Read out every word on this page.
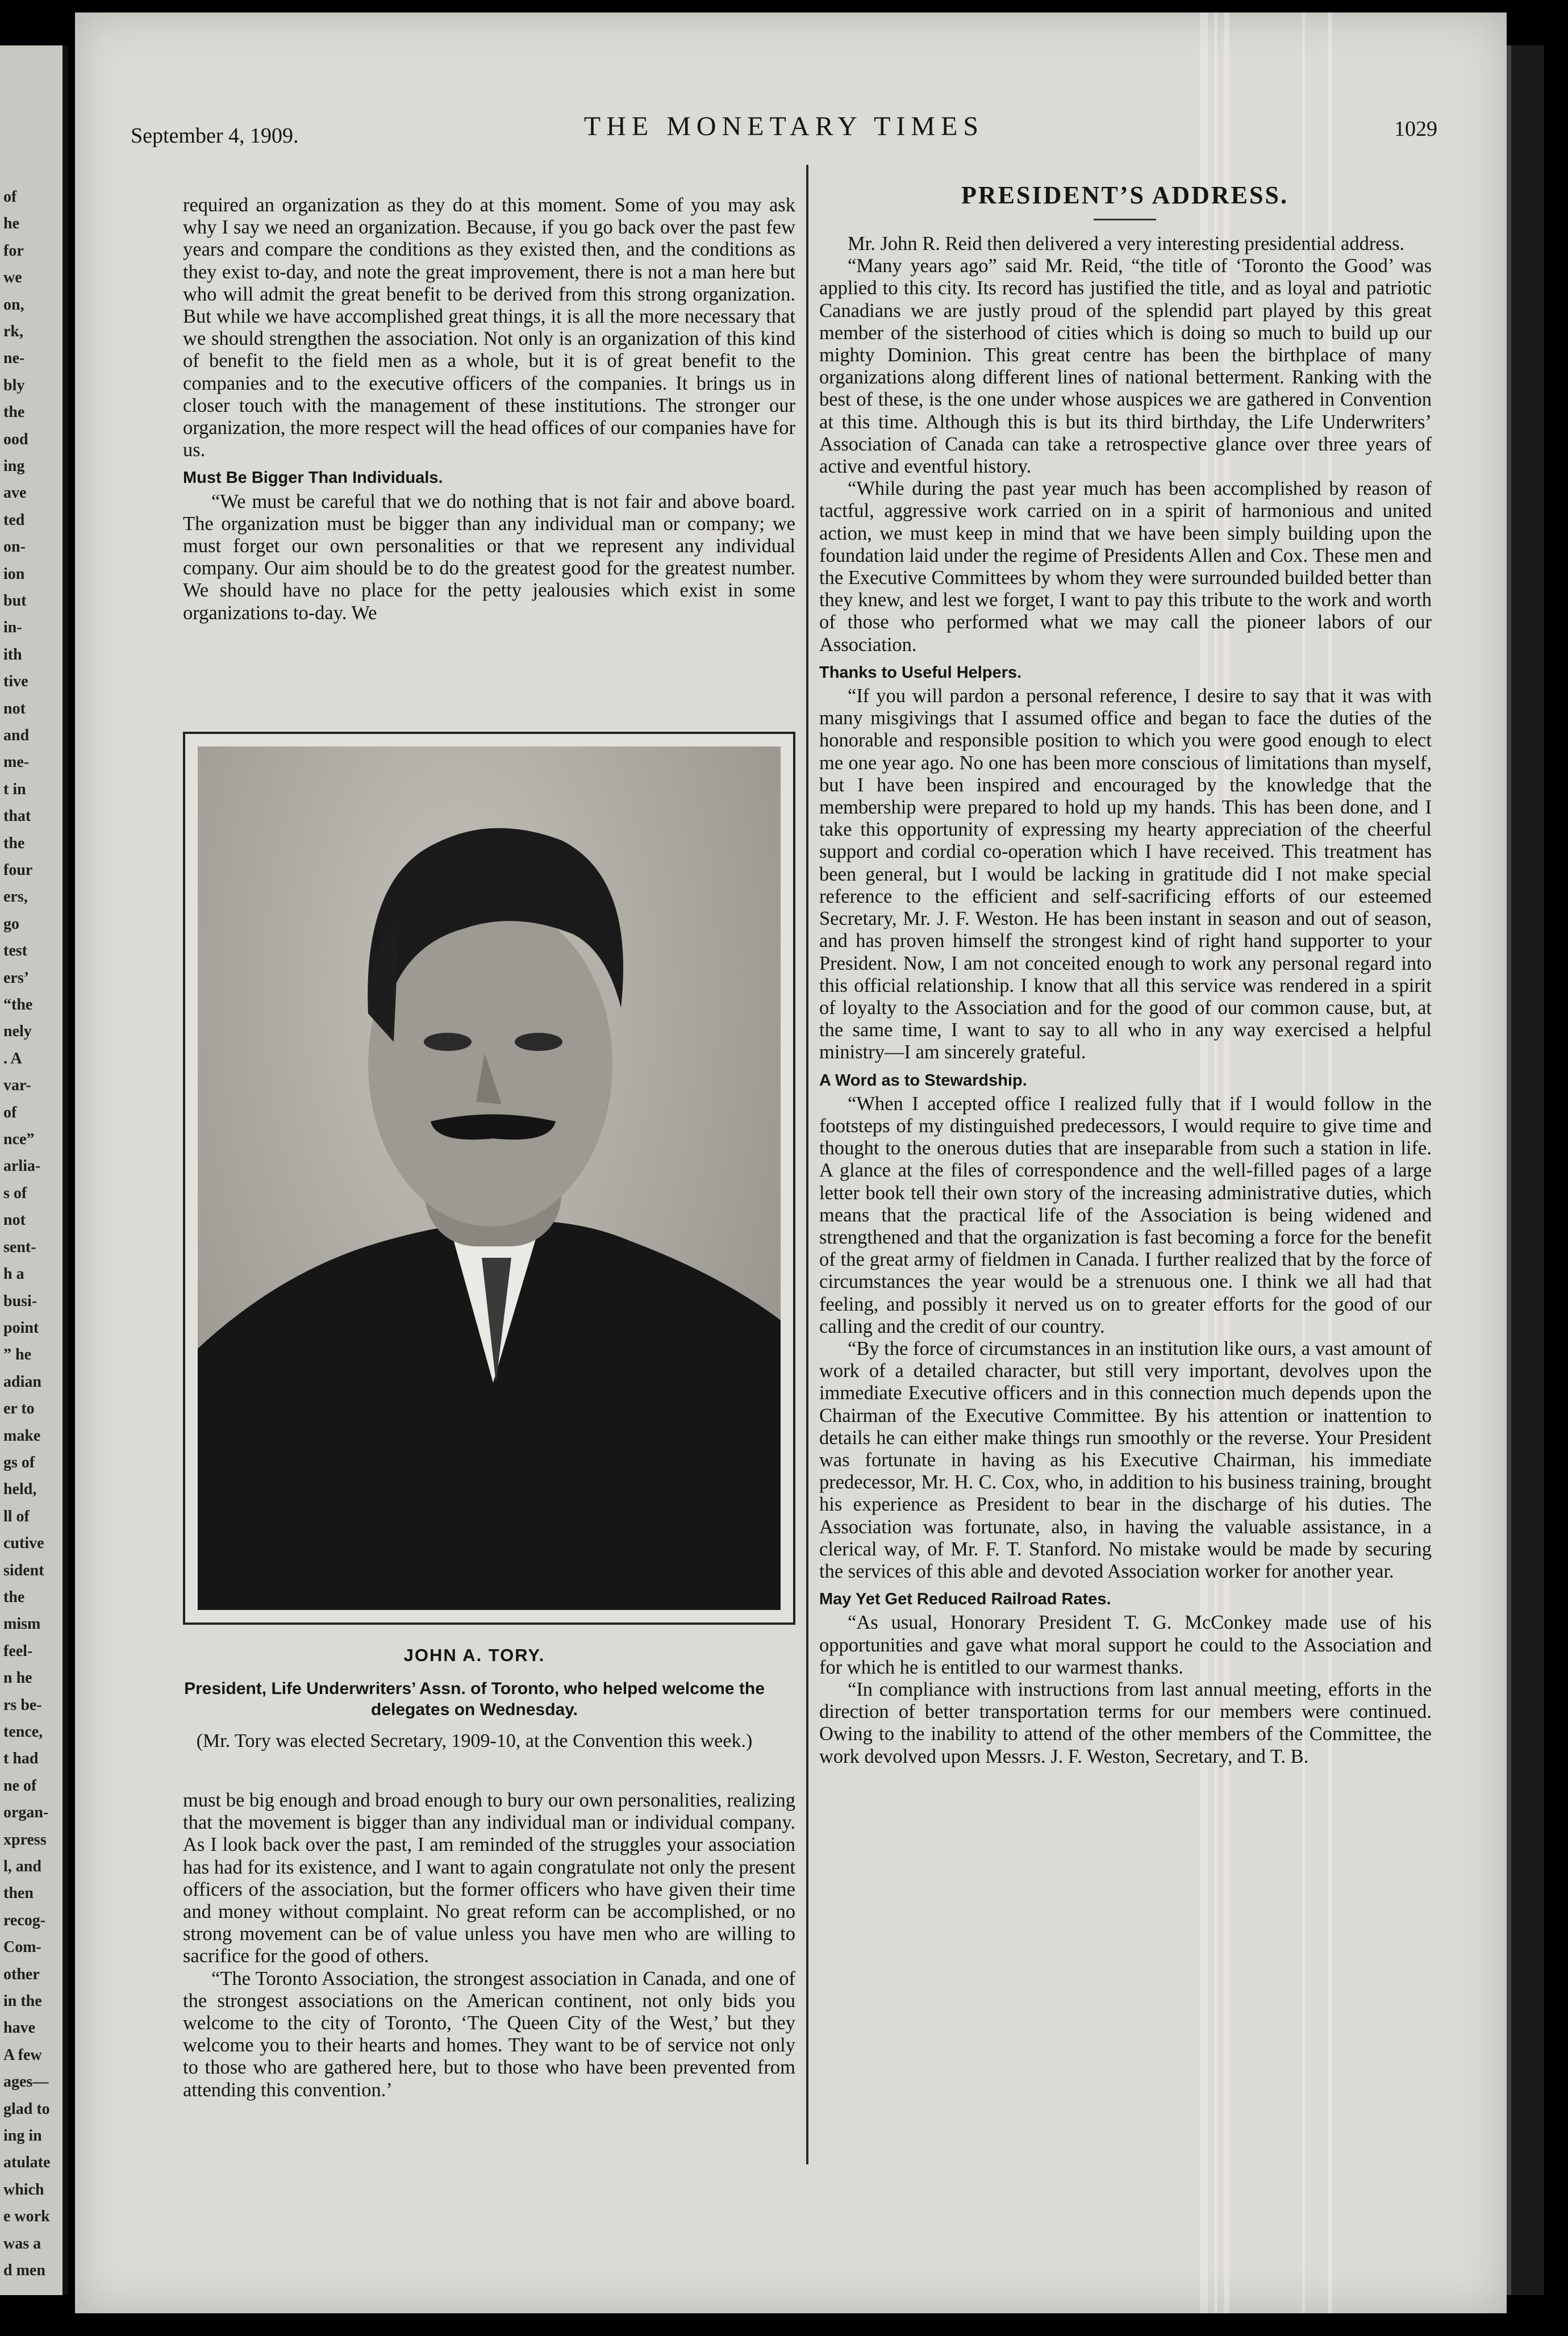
of
he
for
we
on,
rk,
ne-
bly
the
ood
ing
ave
ted
on-
ion
but
in-
ith
tive
not
and
me-
t in
that
the
four
ers,
go
test
ers’
“the
nely
. A
var-
of
nce”
arlia-
s of
not
sent-
h a
busi-
point
” he
adian
er to
make
gs of
held,
ll of
cutive
sident
the
mism
feel-
n he
rs be-
tence,
t had
ne of
organ-
xpress
l, and
then
recog-
Com-
other
in the
have
A few
ages—
glad to
ing in
atulate
which
e work
was a
d men
September 4, 1909.	THE MONETARY TIMES	1029

required an organization as they do at this moment. Some of you may ask why I say we need an organization. Because, if you go back over the past few years and compare the conditions as they existed then, and the conditions as they exist to-day, and note the great improvement, there is not a man here but who will admit the great benefit to be derived from this strong organization. But while we have accomplished great things, it is all the more necessary that we should strengthen the association. Not only is an organization of this kind of benefit to the field men as a whole, but it is of great benefit to the companies and to the executive officers of the companies. It brings us in closer touch with the management of these institutions. The stronger our organization, the more respect will the head offices of our companies have for us.

Must Be Bigger Than Individuals.

“We must be careful that we do nothing that is not fair and above board. The organization must be bigger than any individual man or company; we must forget our own personalities or that we represent any individual company. Our aim should be to do the greatest good for the greatest number. We should have no place for the petty jealousies which exist in some organizations to-day. We

JOHN A. TORY.
President, Life Underwriters’ Assn. of Toronto, who helped welcome the delegates on Wednesday.
(Mr. Tory was elected Secretary, 1909-10, at the Convention this week.)

must be big enough and broad enough to bury our own personalities, realizing that the movement is bigger than any individual man or individual company. As I look back over the past, I am reminded of the struggles your association has had for its existence, and I want to again congratulate not only the present officers of the association, but the former officers who have given their time and money without complaint. No great reform can be accomplished, or no strong movement can be of value unless you have men who are willing to sacrifice for the good of others.

“The Toronto Association, the strongest association in Canada, and one of the strongest associations on the American continent, not only bids you welcome to the city of Toronto, ‘The Queen City of the West,’ but they welcome you to their hearts and homes. They want to be of service not only to those who are gathered here, but to those who have been prevented from attending this convention.’

PRESIDENT’S ADDRESS.

Mr. John R. Reid then delivered a very interesting presidential address.

“Many years ago” said Mr. Reid, “the title of ‘Toronto the Good’ was applied to this city. Its record has justified the title, and as loyal and patriotic Canadians we are justly proud of the splendid part played by this great member of the sisterhood of cities which is doing so much to build up our mighty Dominion. This great centre has been the birthplace of many organizations along different lines of national betterment. Ranking with the best of these, is the one under whose auspices we are gathered in Convention at this time. Although this is but its third birthday, the Life Underwriters’ Association of Canada can take a retrospective glance over three years of active and eventful history.

“While during the past year much has been accomplished by reason of tactful, aggressive work carried on in a spirit of harmonious and united action, we must keep in mind that we have been simply building upon the foundation laid under the regime of Presidents Allen and Cox. These men and the Executive Committees by whom they were surrounded builded better than they knew, and lest we forget, I want to pay this tribute to the work and worth of those who performed what we may call the pioneer labors of our Association.

Thanks to Useful Helpers.

“If you will pardon a personal reference, I desire to say that it was with many misgivings that I assumed office and began to face the duties of the honorable and responsible position to which you were good enough to elect me one year ago. No one has been more conscious of limitations than myself, but I have been inspired and encouraged by the knowledge that the membership were prepared to hold up my hands. This has been done, and I take this opportunity of expressing my hearty appreciation of the cheerful support and cordial co-operation which I have received. This treatment has been general, but I would be lacking in gratitude did I not make special reference to the efficient and self-sacrificing efforts of our esteemed Secretary, Mr. J. F. Weston. He has been instant in season and out of season, and has proven himself the strongest kind of right hand supporter to your President. Now, I am not conceited enough to work any personal regard into this official relationship. I know that all this service was rendered in a spirit of loyalty to the Association and for the good of our common cause, but, at the same time, I want to say to all who in any way exercised a helpful ministry—I am sincerely grateful.

A Word as to Stewardship.

“When I accepted office I realized fully that if I would follow in the footsteps of my distinguished predecessors, I would require to give time and thought to the onerous duties that are inseparable from such a station in life. A glance at the files of correspondence and the well-filled pages of a large letter book tell their own story of the increasing administrative duties, which means that the practical life of the Association is being widened and strengthened and that the organization is fast becoming a force for the benefit of the great army of fieldmen in Canada. I further realized that by the force of circumstances the year would be a strenuous one. I think we all had that feeling, and possibly it nerved us on to greater efforts for the good of our calling and the credit of our country.

“By the force of circumstances in an institution like ours, a vast amount of work of a detailed character, but still very important, devolves upon the immediate Executive officers and in this connection much depends upon the Chairman of the Executive Committee. By his attention or inattention to details he can either make things run smoothly or the reverse. Your President was fortunate in having as his Executive Chairman, his immediate predecessor, Mr. H. C. Cox, who, in addition to his business training, brought his experience as President to bear in the discharge of his duties. The Association was fortunate, also, in having the valuable assistance, in a clerical way, of Mr. F. T. Stanford. No mistake would be made by securing the services of this able and devoted Association worker for another year.

May Yet Get Reduced Railroad Rates.

“As usual, Honorary President T. G. McConkey made use of his opportunities and gave what moral support he could to the Association and for which he is entitled to our warmest thanks.

“In compliance with instructions from last annual meeting, efforts in the direction of better transportation terms for our members were continued. Owing to the inability to attend of the other members of the Committee, the work devolved upon Messrs. J. F. Weston, Secretary, and T. B.
